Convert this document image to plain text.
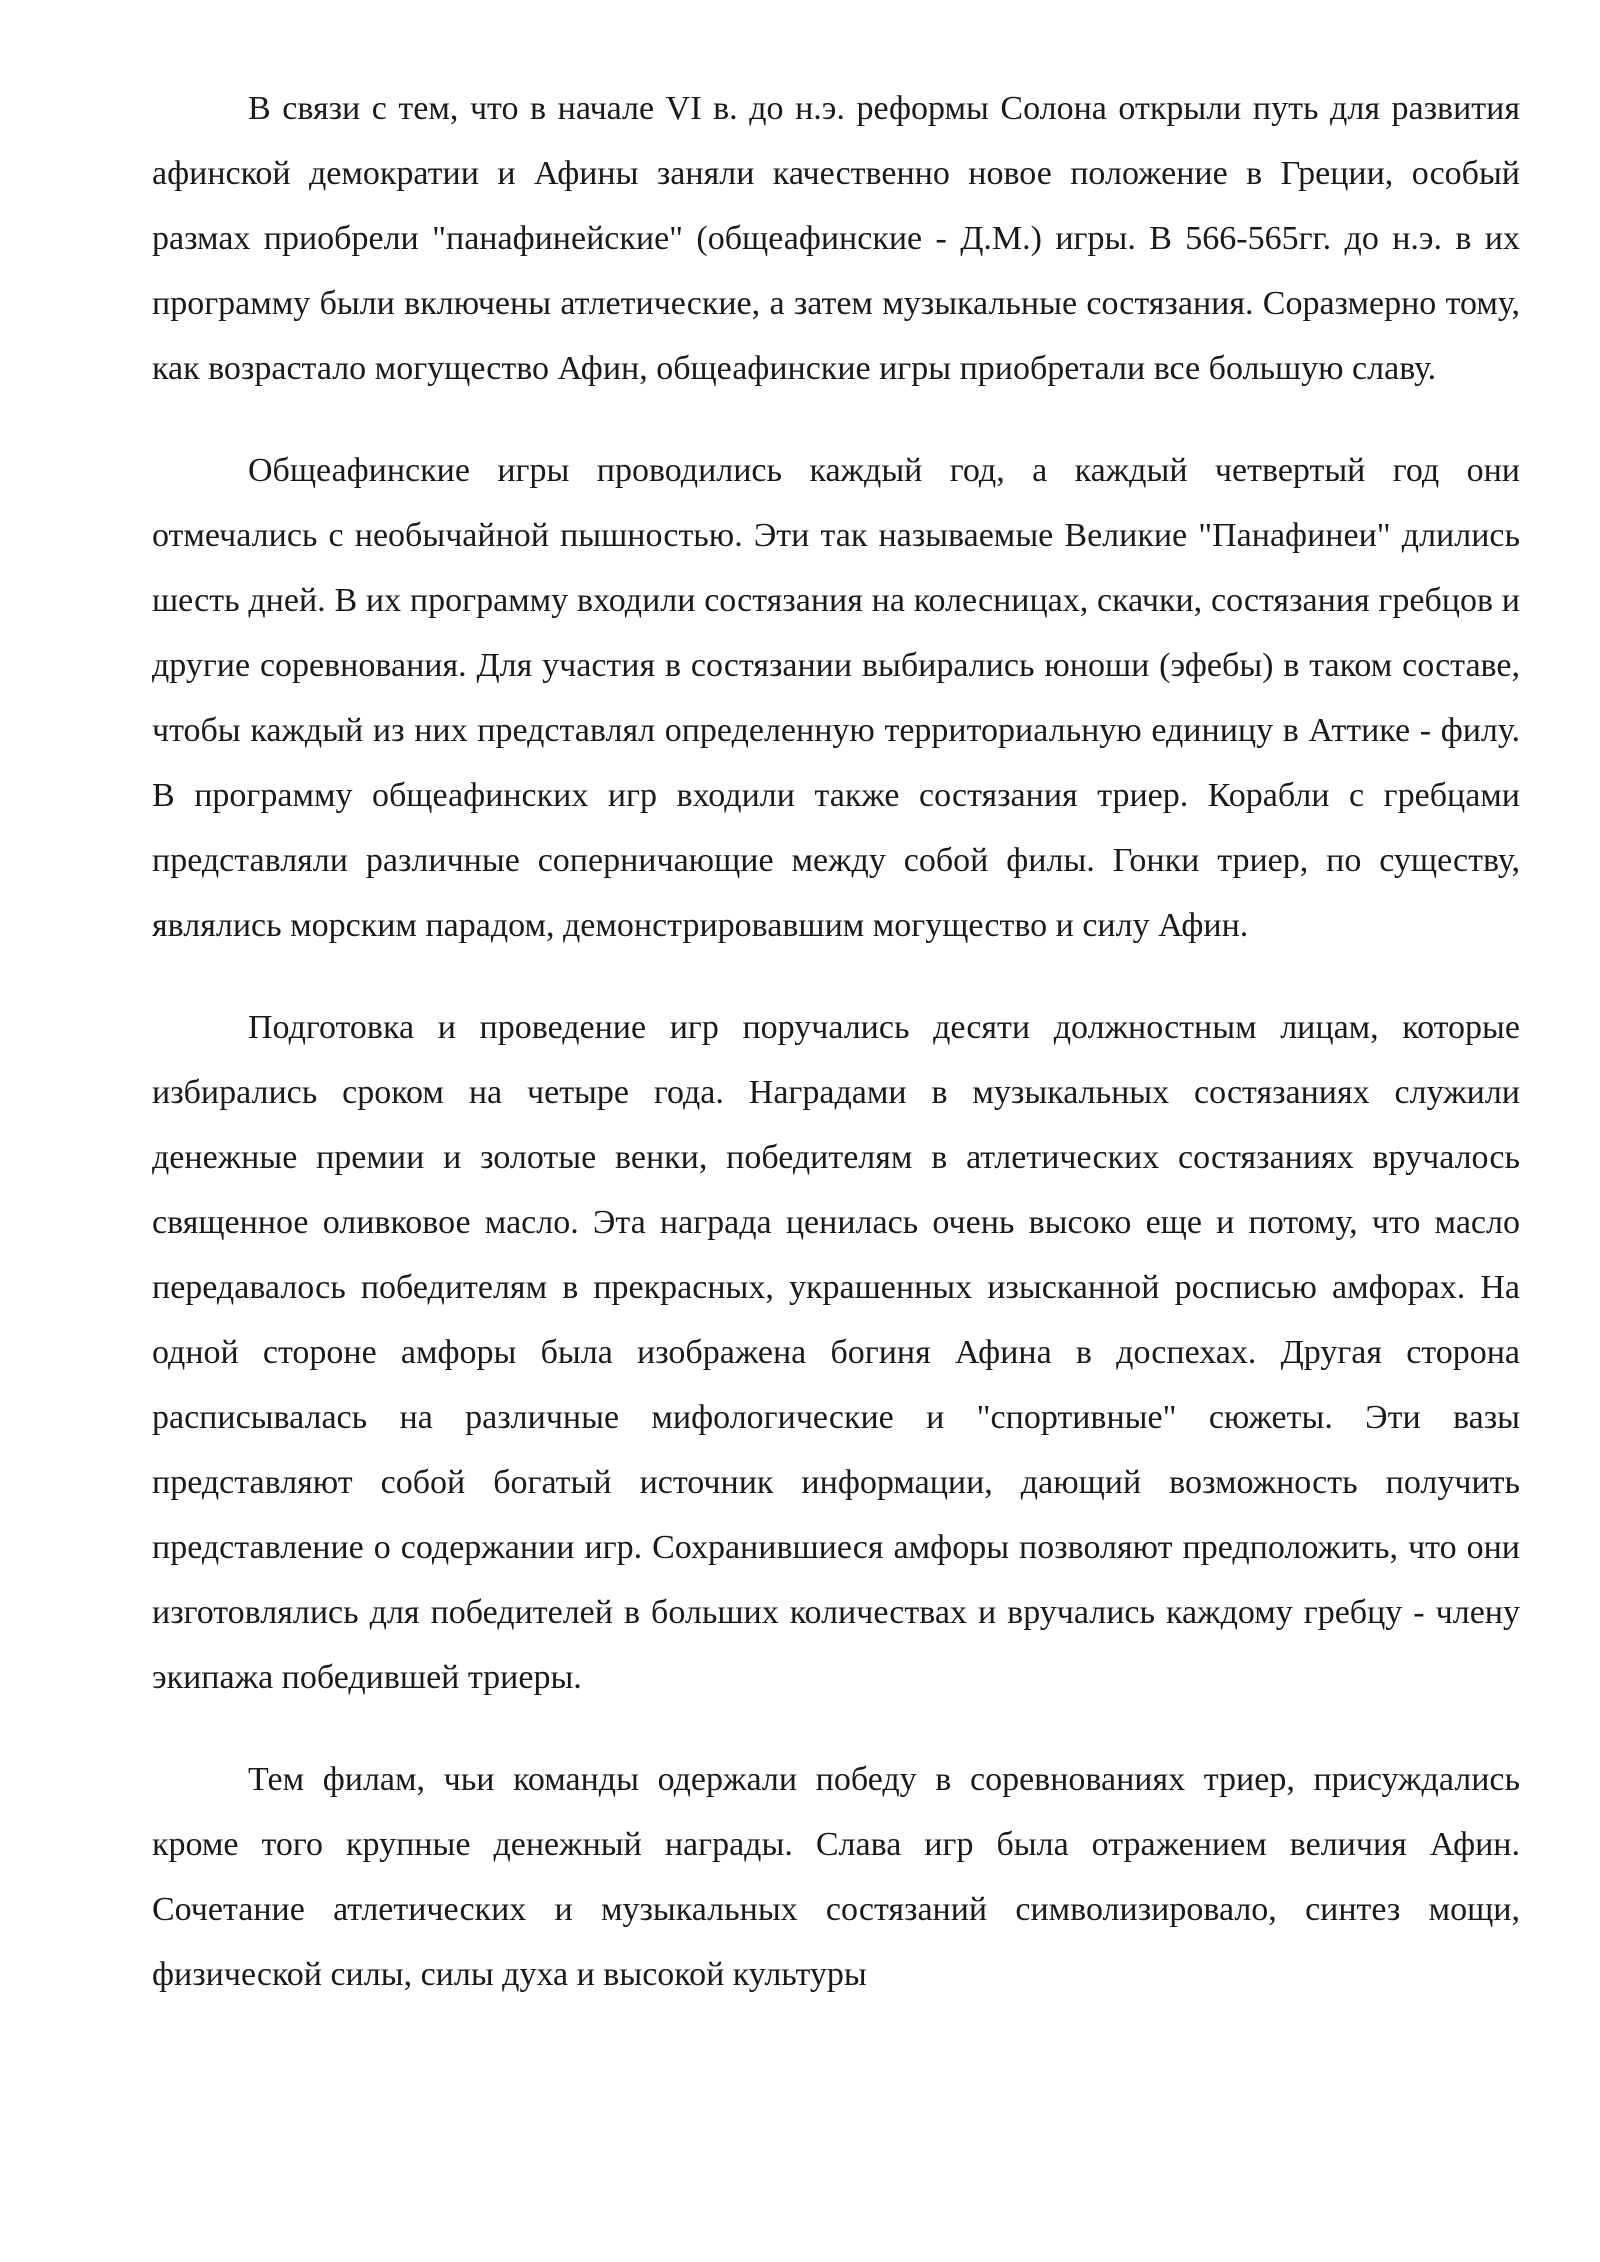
В связи с тем, что в начале VI в. до н.э. реформы Солона открыли путь для развития афинской демократии и Афины заняли качественно новое положение в Греции, особый размах приобрели "панафинейские" (общеафинские - Д.М.) игры. В 566-565гг. до н.э. в их программу были включены атлетические, а затем музыкальные состязания. Соразмерно тому, как возрастало могущество Афин, общеафинские игры приобретали все большую славу.

Общеафинские игры проводились каждый год, а каждый четвертый год они отмечались с необычайной пышностью. Эти так называемые Великие "Панафинеи" длились шесть дней. В их программу входили состязания на колесницах, скачки, состязания гребцов и другие соревнования. Для участия в состязании выбирались юноши (эфебы) в таком составе, чтобы каждый из них представлял определенную территориальную единицу в Аттике - филу. В программу общеафинских игр входили также состязания триер. Корабли с гребцами представляли различные соперничающие между собой филы. Гонки триер, по существу, являлись морским парадом, демонстрировавшим могущество и силу Афин.

Подготовка и проведение игр поручались десяти должностным лицам, которые избирались сроком на четыре года. Наградами в музыкальных состязаниях служили денежные премии и золотые венки, победителям в атлетических состязаниях вручалось священное оливковое масло. Эта награда ценилась очень высоко еще и потому, что масло передавалось победителям в прекрасных, украшенных изысканной росписью амфорах. На одной стороне амфоры была изображена богиня Афина в доспехах. Другая сторона расписывалась на различные мифологические и "спортивные" сюжеты. Эти вазы представляют собой богатый источник информации, дающий возможность получить представление о содержании игр. Сохранившиеся амфоры позволяют предположить, что они изготовлялись для победителей в больших количествах и вручались каждому гребцу - члену экипажа победившей триеры.

Тем филам, чьи команды одержали победу в соревнованиях триер, присуждались кроме того крупные денежный награды. Слава игр была отражением величия Афин. Сочетание атлетических и музыкальных состязаний символизировало, синтез мощи, физической силы, силы духа и высокой культуры
